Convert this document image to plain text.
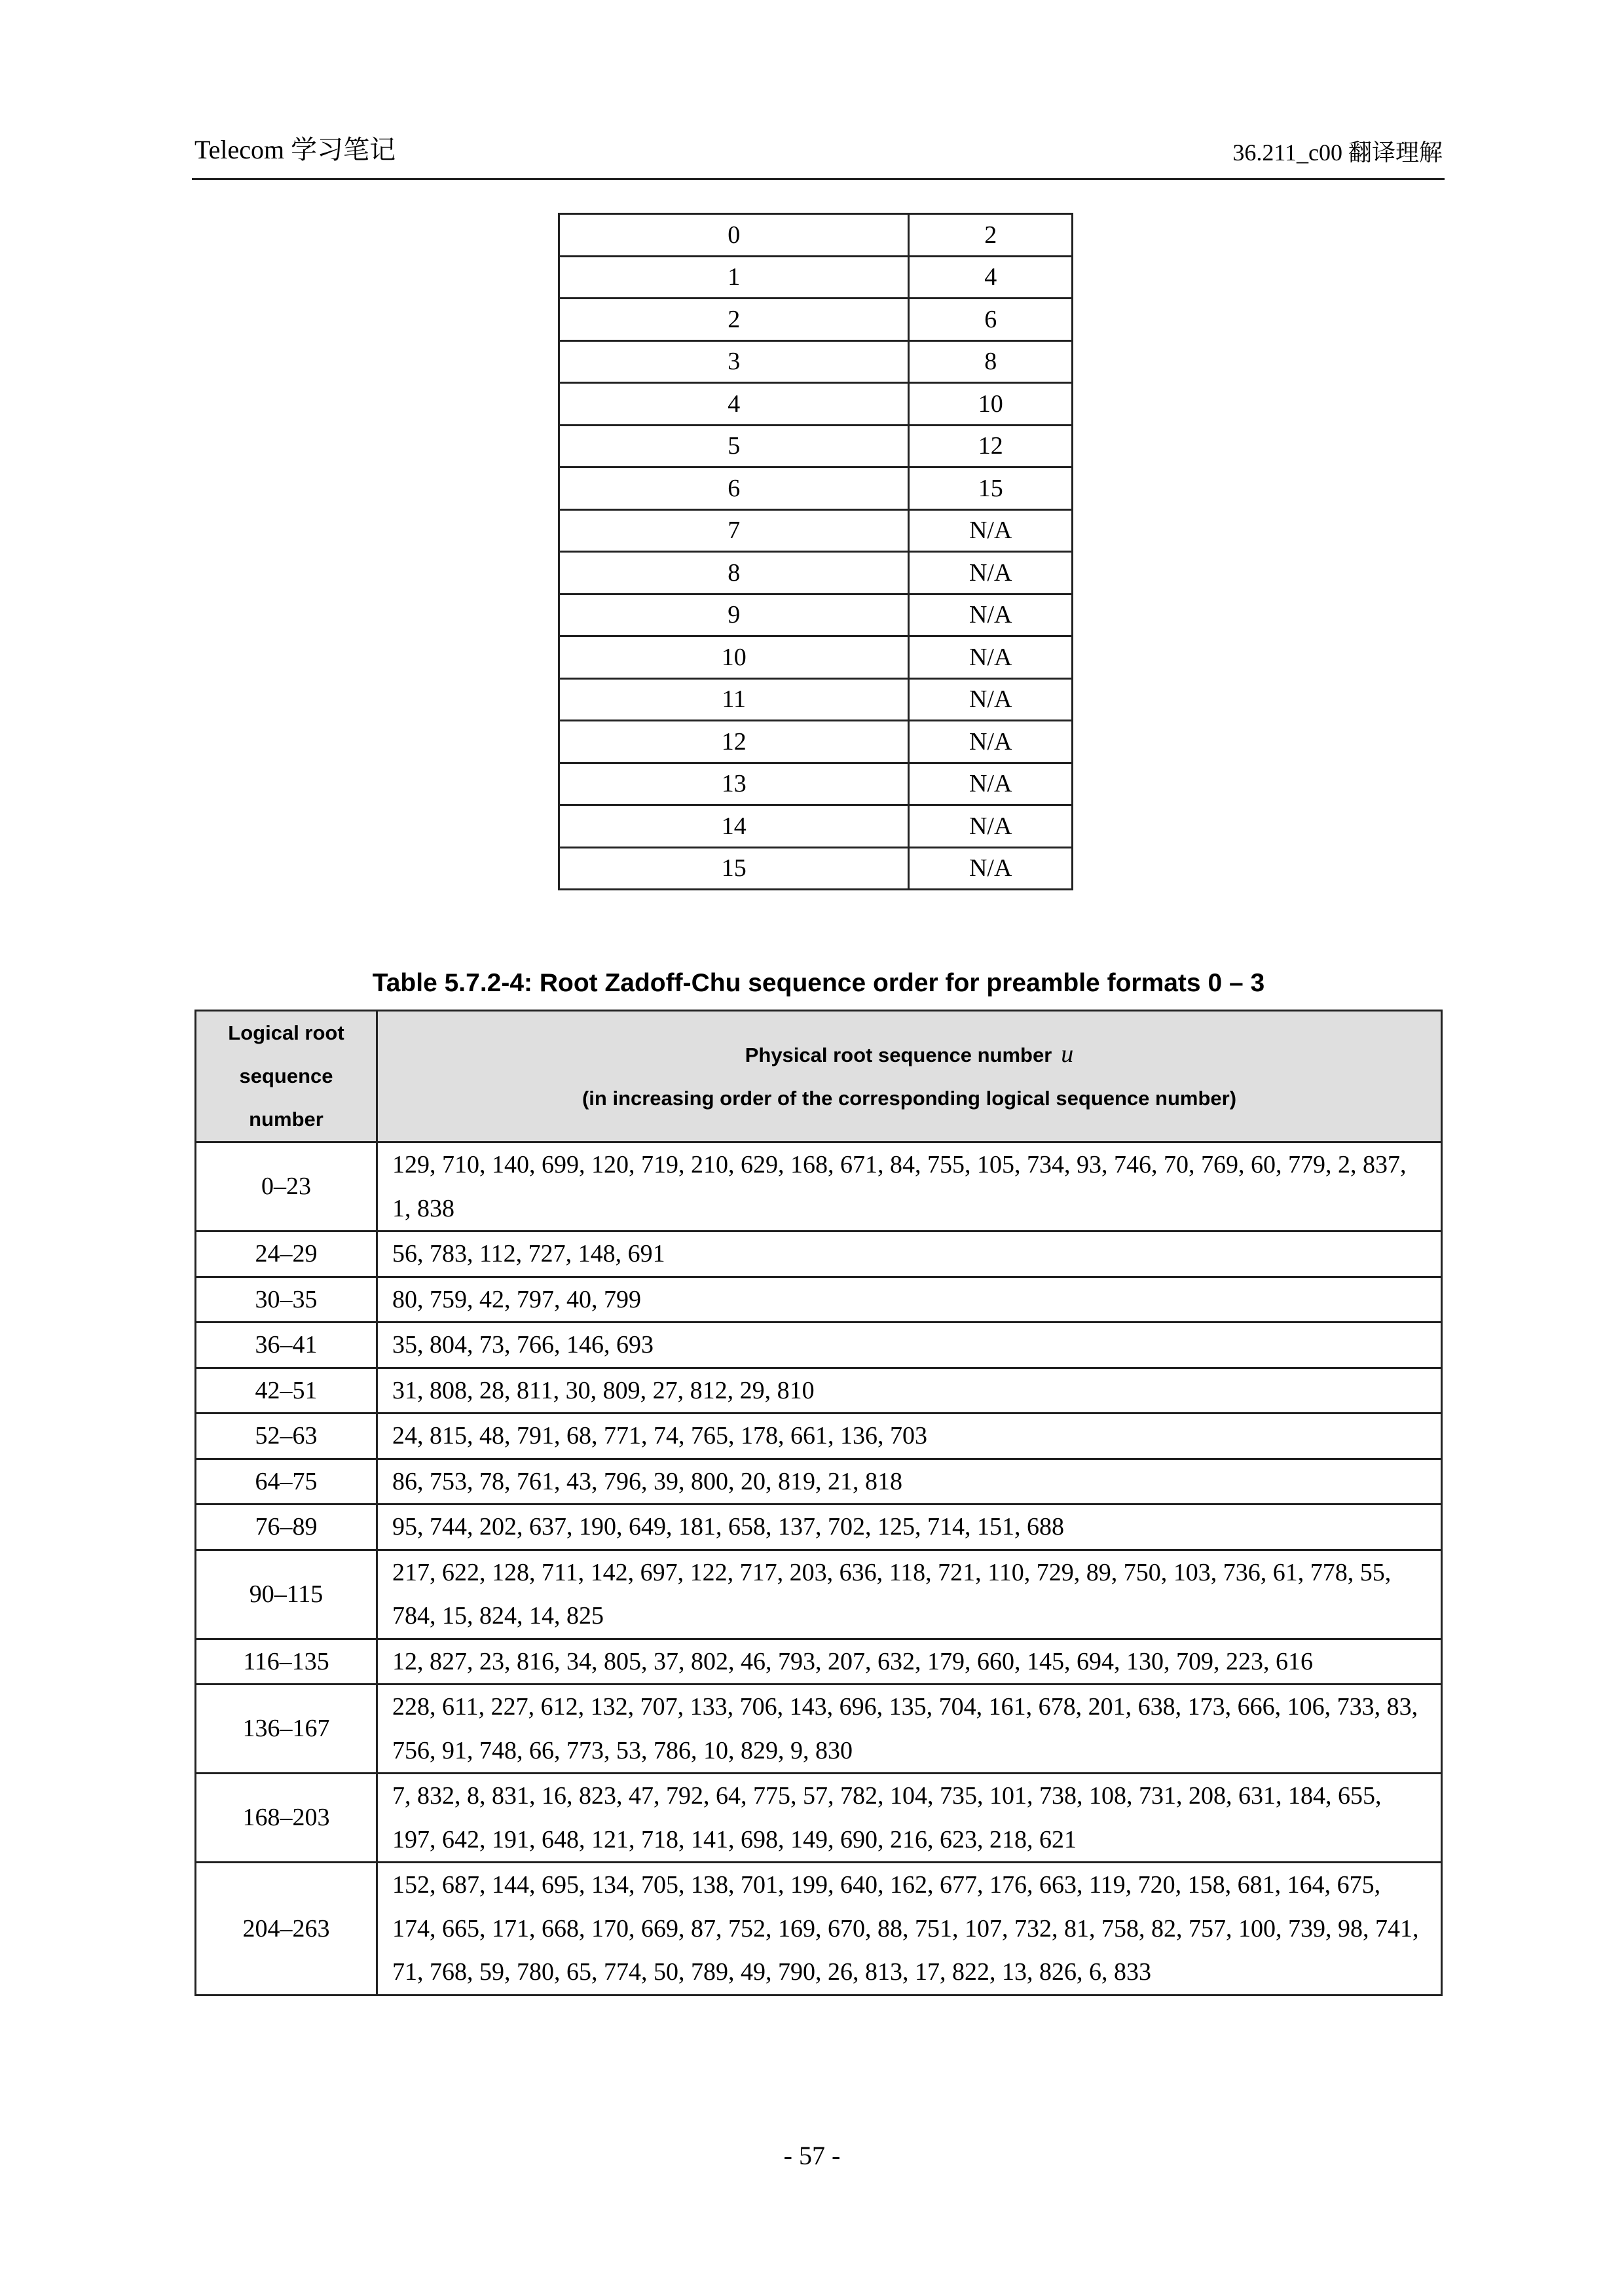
Telecom 学习笔记	36.211_c00 翻译理解
0	2
1	4
2	6
3	8
4	10
5	12
6	15
7	N/A
8	N/A
9	N/A
10	N/A
11	N/A
12	N/A
13	N/A
14	N/A
15	N/A
Table 5.7.2-4: Root Zadoff-Chu sequence order for preamble formats 0 – 3
Logical root
sequence
number

Physical root sequence number u
(in increasing order of the corresponding logical sequence number)

0–23	129, 710, 140, 699, 120, 719, 210, 629, 168, 671, 84, 755, 105, 734, 93, 746, 70, 769, 60, 779, 2, 837, 1, 838
24–29	56, 783, 112, 727, 148, 691
30–35	80, 759, 42, 797, 40, 799
36–41	35, 804, 73, 766, 146, 693
42–51	31, 808, 28, 811, 30, 809, 27, 812, 29, 810
52–63	24, 815, 48, 791, 68, 771, 74, 765, 178, 661, 136, 703
64–75	86, 753, 78, 761, 43, 796, 39, 800, 20, 819, 21, 818
76–89	95, 744, 202, 637, 190, 649, 181, 658, 137, 702, 125, 714, 151, 688
90–115	217, 622, 128, 711, 142, 697, 122, 717, 203, 636, 118, 721, 110, 729, 89, 750, 103, 736, 61, 778, 55, 784, 15, 824, 14, 825
116–135	12, 827, 23, 816, 34, 805, 37, 802, 46, 793, 207, 632, 179, 660, 145, 694, 130, 709, 223, 616
136–167	228, 611, 227, 612, 132, 707, 133, 706, 143, 696, 135, 704, 161, 678, 201, 638, 173, 666, 106, 733, 83, 756, 91, 748, 66, 773, 53, 786, 10, 829, 9, 830
168–203	7, 832, 8, 831, 16, 823, 47, 792, 64, 775, 57, 782, 104, 735, 101, 738, 108, 731, 208, 631, 184, 655, 197, 642, 191, 648, 121, 718, 141, 698, 149, 690, 216, 623, 218, 621
204–263	152, 687, 144, 695, 134, 705, 138, 701, 199, 640, 162, 677, 176, 663, 119, 720, 158, 681, 164, 675, 174, 665, 171, 668, 170, 669, 87, 752, 169, 670, 88, 751, 107, 732, 81, 758, 82, 757, 100, 739, 98, 741, 71, 768, 59, 780, 65, 774, 50, 789, 49, 790, 26, 813, 17, 822, 13, 826, 6, 833
- 57 -
